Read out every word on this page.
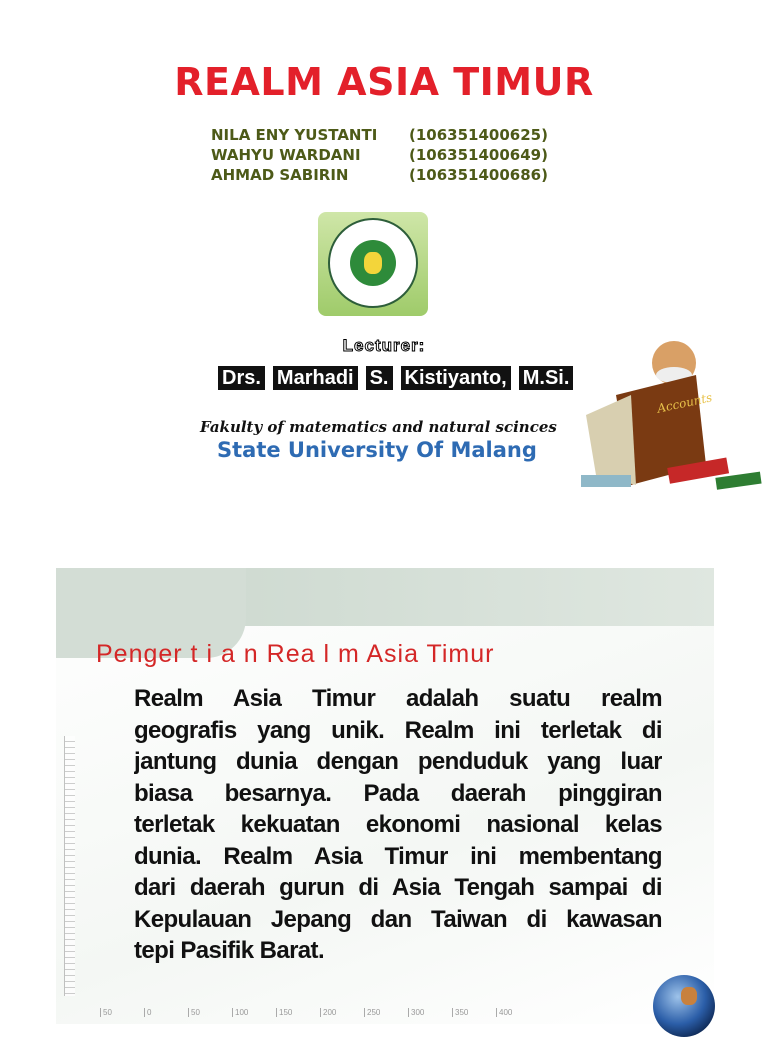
REALM ASIA TIMUR
NILA ENY YUSTANTI	(106351400625)
WAHYU WARDANI	(106351400649)
AHMAD SABIRIN	(106351400686)
Accounts
Lecturer:
Drs. Marhadi S. Kistiyanto, M.Si.
Fakulty of matematics and natural scinces
State University Of Malang
Penger t i a n Rea l m Asia Timur
Realm Asia Timur adalah suatu realm
geografis yang unik. Realm ini terletak di
jantung dunia dengan penduduk yang luar
biasa besarnya. Pada daerah pinggiran
terletak kekuatan ekonomi nasional kelas
dunia. Realm Asia Timur ini membentang
dari daerah gurun di Asia Tengah sampai di
Kepulauan Jepang dan Taiwan di kawasan
tepi Pasifik Barat.
50	0	50	100	150	200	250	300	350	400
